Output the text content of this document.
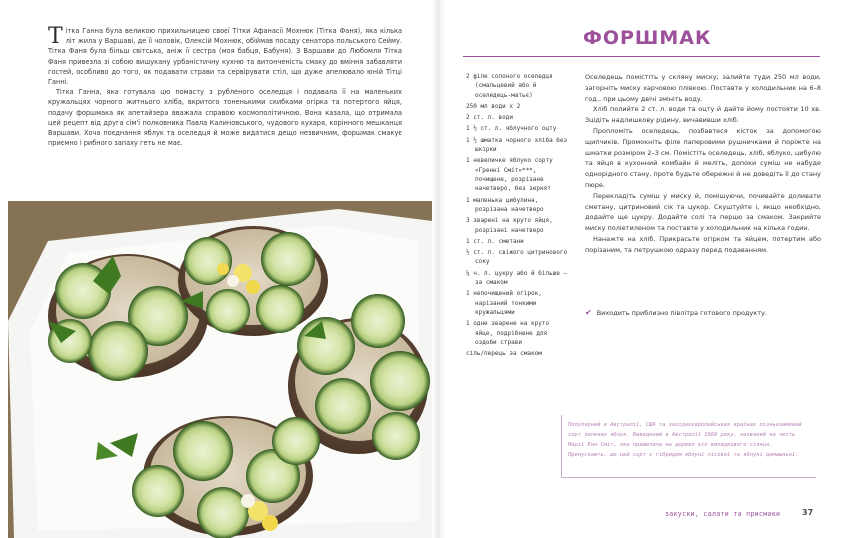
Тітка Ганна була великою прихильницею своєї Тітки Афанасії Мохнюк (Тітка Фаня), яка кілька літ жила у Варшаві, де її чоловік, Олексій Мохнюк, обіймав посаду сенатора польського Сейму. Тітка Фаня була більш світська, аніж її сестра (моя бабця, Бабуня). З Варшави до Любомля Тітка Фаня привезла зі собою вишукану урбаністичну кухню та витонченість смаку до вміння забавляти гостей, особливо до того, як подавати страви та сервірувати стіл, що дуже апелювало юній Тітці Ганні.

Тітка Ганна, яка готувала цю помасту з рубленого оселедця і подавала її на маленьких кружальцях чорного житнього хліба, вкритого тоненькими скибками огірка та потертого яйця, подачу форшмака як апетайзера вважала справою космополітичною. Вона казала, що отримала цей рецепт від друга сім'ї полковника Павла Калиновського, чудового кухаря, корінного мешканця Варшави. Хоча поєднання яблук та оселедця й може видатися дещо незвичним, форшмак смакує приємно і рибного запаху геть не має.

ФОРШМАК
2 філе солоного оселедця (смальцевий або й оселедець-матьє)
250 мл води x 2
2 ст. л. води
1 ½ ст. л. яблучного оцту
1 ½ шматка чорного хліба без шкірки
1 невеличке яблуко сорту «Гренні Сміт»***, почищене, розрізане начетверо, без зернят
1 маленька цибулина, розрізана начетверо
3 зварені на круто яйця, розрізані начетверо
1 ст. л. сметани
½ ст. л. свіжого цитринового соку
¼ ч. л. цукру або й більше – за смаком
1 непочищений огірок, нарізаний тонкими кружальцями
1 одне зварене на круто яйце, подрібнене для оздоби страви
сіль/перець за смаком

Оселедець помістіть у скляну миску; залийте туди 250 мл води, загорніть миску харчовою плівкою. Поставте у холодильник на 6–8 год., при цьому двічі змініть воду.

Хліб полийте 2 ст. л. води та оцту й дайте йому постояти 10 хв. Зцідіть надлишкову рідину, вичавивши хліб.

Пропломіть оселедець, позбавтеся кісток за допомогою щипчиків. Промокніть філе паперовими рушничками й поріжте на шматки розміром 2–3 см. Помістіть оселедець, хліб, яблуко, цибулю та яйця в кухонний комбайн й меліть, допоки суміш не набуде однорідного стану, проте будьте обережні й не доведіть її до стану пюре.

Перекладіть суміш у миску й, помішуючи, почивайте доливати сметану, цитриновий сік та цукор. Скуштуйте і, якщо необхідно, додайте ще цукру. Додайте солі та перцю за смаком. Закрийте миску поліетиленом та поставте у холодильник на кілька годин.

Нанажте на хліб. Прикрасьте огірком та яйцем, потертим або порізаним, та петрушкою одразу перед подаванням.

✔ Виходить приблизно півлітра готового продукту.
Популярний в Австралії, США та західноєвропейських країнах пізньозимовий сорт зелених яблук. Виведений в Австралії 1868 року, названий на честь Марії Енн Сміт, яка пришепила на дерево кіл випадкового сіянця. Припускають, що цей сорт є гібридом яблуні лісової та яблуні домашньої.
закуски, салати та присмаки	37
